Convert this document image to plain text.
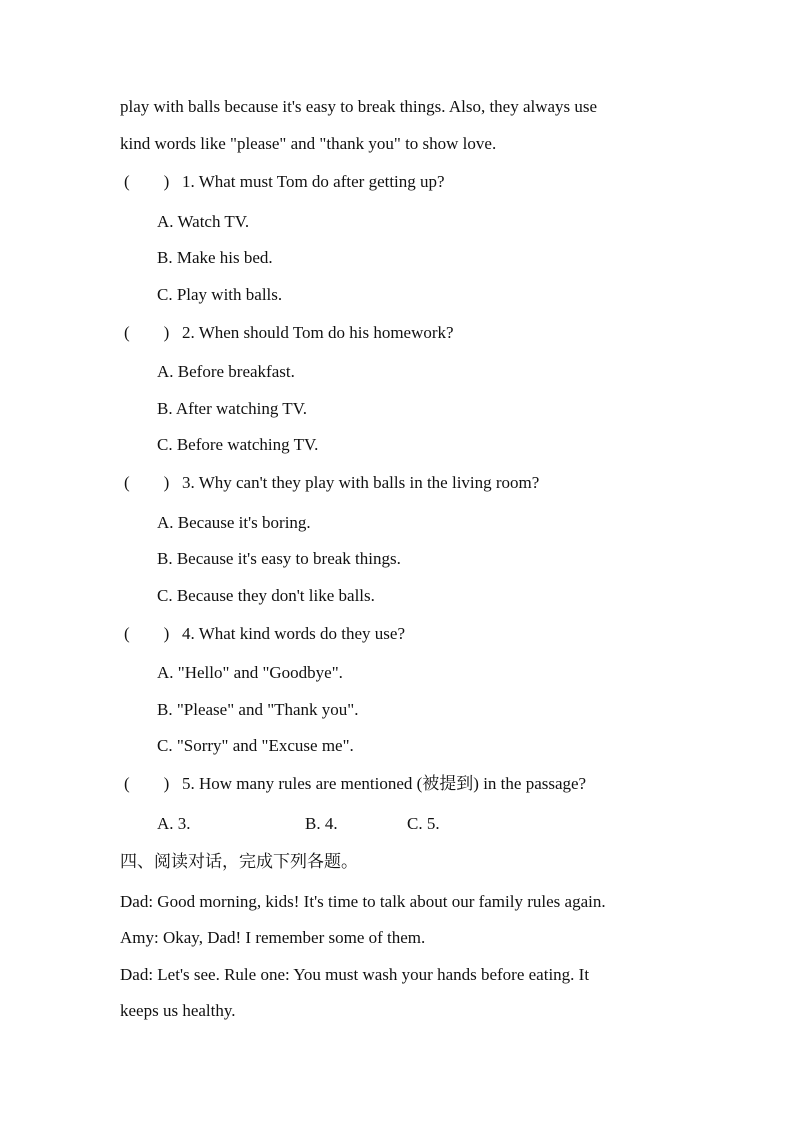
play with balls because it's easy to break things. Also, they always use
kind words like "please" and "thank you" to show love.
(　　) 1. What must Tom do after getting up?
A. Watch TV.
B. Make his bed.
C. Play with balls.
(　　) 2. When should Tom do his homework?
A. Before breakfast.
B. After watching TV.
C. Before watching TV.
(　　) 3. Why can't they play with balls in the living room?
A. Because it's boring.
B. Because it's easy to break things.
C. Because they don't like balls.
(　　) 4. What kind words do they use?
A. "Hello" and "Goodbye".
B. "Please" and "Thank you".
C. "Sorry" and "Excuse me".
(　　) 5. How many rules are mentioned (被提到) in the passage?
A. 3.	B. 4.	C. 5.
四、阅读对话，完成下列各题。
Dad: Good morning, kids! It's time to talk about our family rules again.
Amy: Okay, Dad! I remember some of them.
Dad: Let's see. Rule one: You must wash your hands before eating. It
keeps us healthy.
